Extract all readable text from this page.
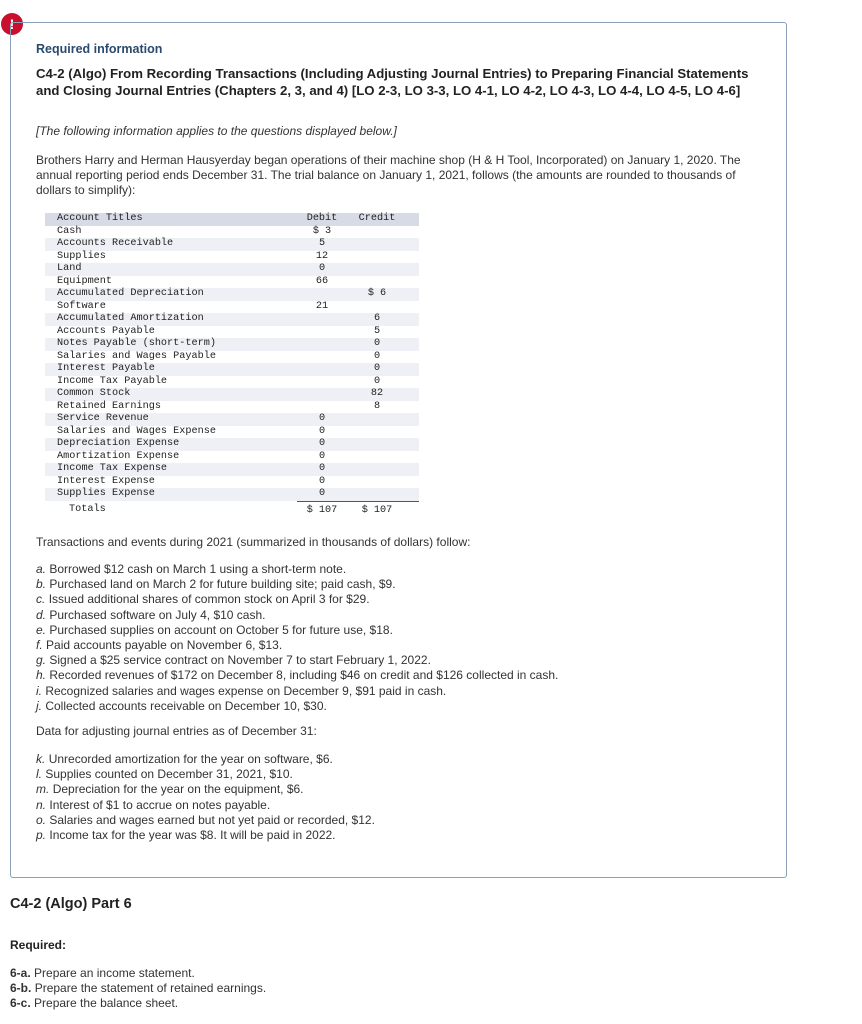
!
Required information
C4-2 (Algo) From Recording Transactions (Including Adjusting Journal Entries) to Preparing Financial Statements and Closing Journal Entries (Chapters 2, 3, and 4) [LO 2-3, LO 3-3, LO 4-1, LO 4-2, LO 4-3, LO 4-4, LO 4-5, LO 4-6]
[The following information applies to the questions displayed below.]
Brothers Harry and Herman Hausyerday began operations of their machine shop (H & H Tool, Incorporated) on January 1, 2020. The annual reporting period ends December 31. The trial balance on January 1, 2021, follows (the amounts are rounded to thousands of dollars to simplify):
Account Titles	Debit	Credit	
Cash	$ 3		
Accounts Receivable	5		
Supplies	12		
Land	0		
Equipment	66		
Accumulated Depreciation		$ 6	
Software	21		
Accumulated Amortization		6	
Accounts Payable		5	
Notes Payable (short-term)		0	
Salaries and Wages Payable		0	
Interest Payable		0	
Income Tax Payable		0	
Common Stock		82	
Retained Earnings		8	
Service Revenue	0		
Salaries and Wages Expense	0		
Depreciation Expense	0		
Amortization Expense	0		
Income Tax Expense	0		
Interest Expense	0		
Supplies Expense	0		
Totals	$ 107	$ 107	
Transactions and events during 2021 (summarized in thousands of dollars) follow:
a. Borrowed $12 cash on March 1 using a short-term note.
b. Purchased land on March 2 for future building site; paid cash, $9.
c. Issued additional shares of common stock on April 3 for $29.
d. Purchased software on July 4, $10 cash.
e. Purchased supplies on account on October 5 for future use, $18.
f. Paid accounts payable on November 6, $13.
g. Signed a $25 service contract on November 7 to start February 1, 2022.
h. Recorded revenues of $172 on December 8, including $46 on credit and $126 collected in cash.
i. Recognized salaries and wages expense on December 9, $91 paid in cash.
j. Collected accounts receivable on December 10, $30.
Data for adjusting journal entries as of December 31:
k. Unrecorded amortization for the year on software, $6.
l. Supplies counted on December 31, 2021, $10.
m. Depreciation for the year on the equipment, $6.
n. Interest of $1 to accrue on notes payable.
o. Salaries and wages earned but not yet paid or recorded, $12.
p. Income tax for the year was $8. It will be paid in 2022.
C4-2 (Algo) Part 6
Required:
6-a. Prepare an income statement.
6-b. Prepare the statement of retained earnings.
6-c. Prepare the balance sheet.
